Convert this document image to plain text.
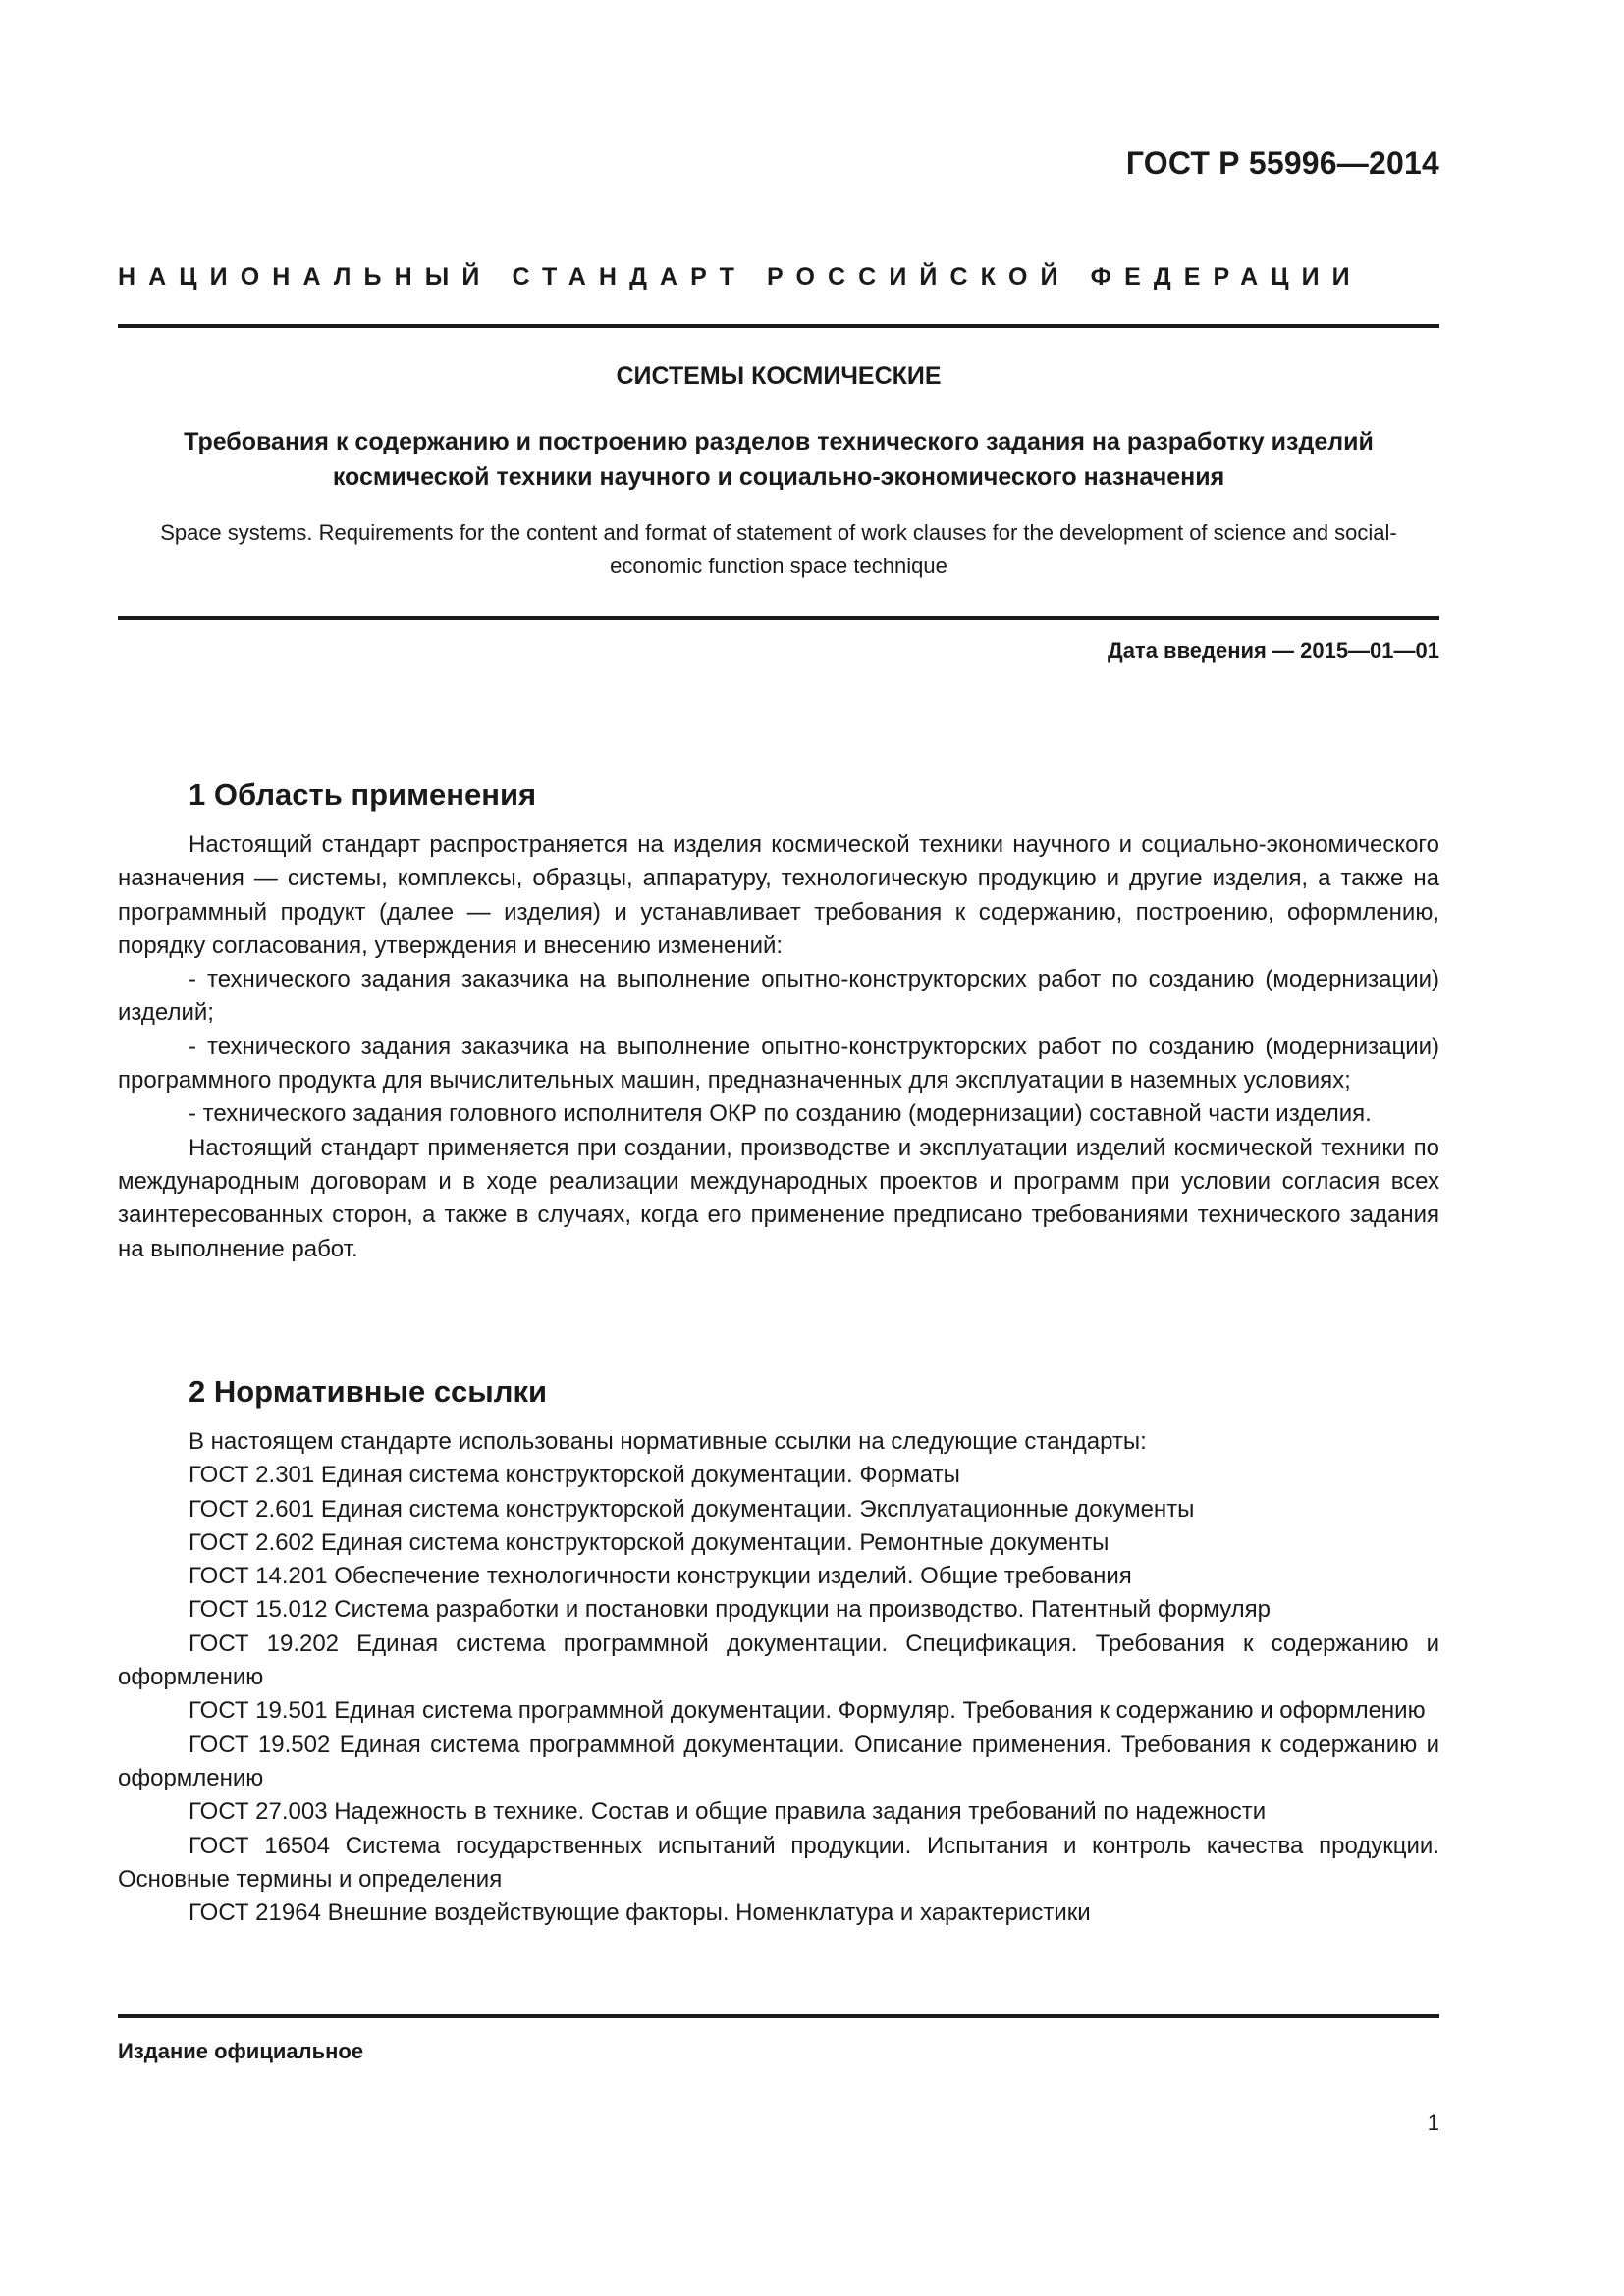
ГОСТ Р 55996—2014
НАЦИОНАЛЬНЫЙ СТАНДАРТ РОССИЙСКОЙ ФЕДЕРАЦИИ

СИСТЕМЫ КОСМИЧЕСКИЕ

Требования к содержанию и построению разделов технического задания на разработку изделий космической техники научного и социально-экономического назначения

Space systems. Requirements for the content and format of statement of work clauses for the development of science and social-economic function space technique

Дата введения — 2015—01—01
1 Область применения

Настоящий стандарт распространяется на изделия космической техники научного и социально-экономического назначения — системы, комплексы, образцы, аппаратуру, технологическую продукцию и другие изделия, а также на программный продукт (далее — изделия) и устанавливает требования к содержанию, построению, оформлению, порядку согласования, утверждения и внесению изменений:

- технического задания заказчика на выполнение опытно-конструкторских работ по созданию (модернизации) изделий;

- технического задания заказчика на выполнение опытно-конструкторских работ по созданию (модернизации) программного продукта для вычислительных машин, предназначенных для эксплуатации в наземных условиях;

- технического задания головного исполнителя ОКР по созданию (модернизации) составной части изделия.

Настоящий стандарт применяется при создании, производстве и эксплуатации изделий космической техники по международным договорам и в ходе реализации международных проектов и программ при условии согласия всех заинтересованных сторон, а также в случаях, когда его применение предписано требованиями технического задания на выполнение работ.

2 Нормативные ссылки

В настоящем стандарте использованы нормативные ссылки на следующие стандарты:

ГОСТ 2.301 Единая система конструкторской документации. Форматы

ГОСТ 2.601 Единая система конструкторской документации. Эксплуатационные документы

ГОСТ 2.602 Единая система конструкторской документации. Ремонтные документы

ГОСТ 14.201 Обеспечение технологичности конструкции изделий. Общие требования

ГОСТ 15.012 Система разработки и постановки продукции на производство. Патентный формуляр

ГОСТ 19.202 Единая система программной документации. Спецификация. Требования к содержанию и оформлению

ГОСТ 19.501 Единая система программной документации. Формуляр. Требования к содержанию и оформлению

ГОСТ 19.502 Единая система программной документации. Описание применения. Требования к содержанию и оформлению

ГОСТ 27.003 Надежность в технике. Состав и общие правила задания требований по надежности

ГОСТ 16504 Система государственных испытаний продукции. Испытания и контроль качества продукции. Основные термины и определения

ГОСТ 21964 Внешние воздействующие факторы. Номенклатура и характеристики

Издание официальное
1
